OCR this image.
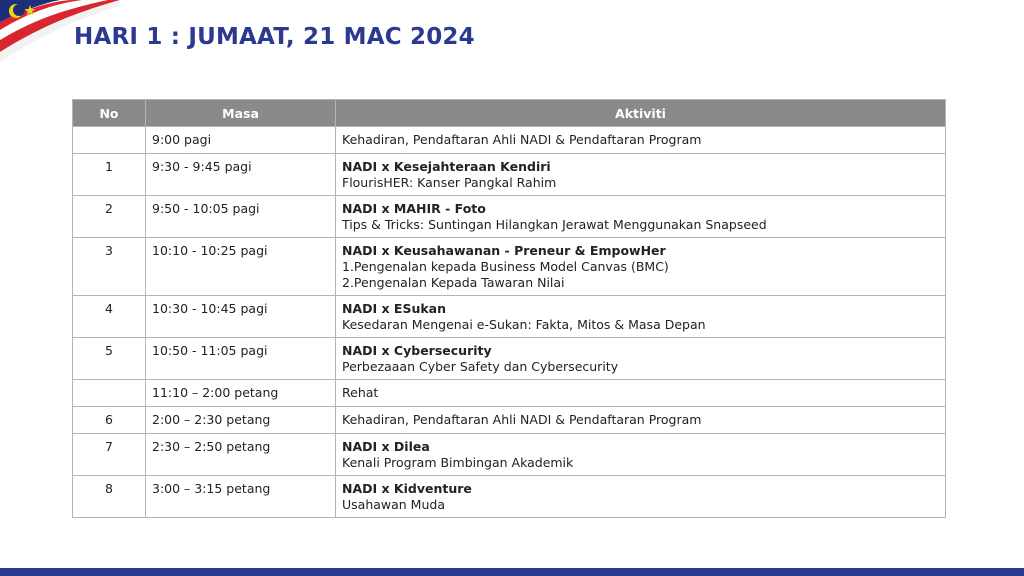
HARI 1 : JUMAAT, 21 MAC 2024
No	Masa	Aktiviti
	9:00 pagi	Kehadiran, Pendaftaran Ahli NADI & Pendaftaran Program

1	9:30 - 9:45 pagi	NADI x Kesejahteraan Kendiri
FlourisHER: Kanser Pangkal Rahim

2	9:50 - 10:05 pagi	NADI x MAHIR - Foto
Tips & Tricks: Suntingan Hilangkan Jerawat Menggunakan Snapseed

3	10:10 - 10:25 pagi	NADI x Keusahawanan - Preneur & EmpowHer
1.Pengenalan kepada Business Model Canvas (BMC)
2.Pengenalan Kepada Tawaran Nilai

4	10:30 - 10:45 pagi	NADI x ESukan
Kesedaran Mengenai e-Sukan: Fakta, Mitos & Masa Depan

5	10:50 - 11:05 pagi	NADI x Cybersecurity
Perbezaaan Cyber Safety dan Cybersecurity

	11:10 – 2:00 petang	Rehat

6	2:00 – 2:30 petang	Kehadiran, Pendaftaran Ahli NADI & Pendaftaran Program

7	2:30 – 2:50 petang	NADI x Dilea
Kenali Program Bimbingan Akademik

8	3:00 – 3:15 petang	NADI x Kidventure
Usahawan Muda
